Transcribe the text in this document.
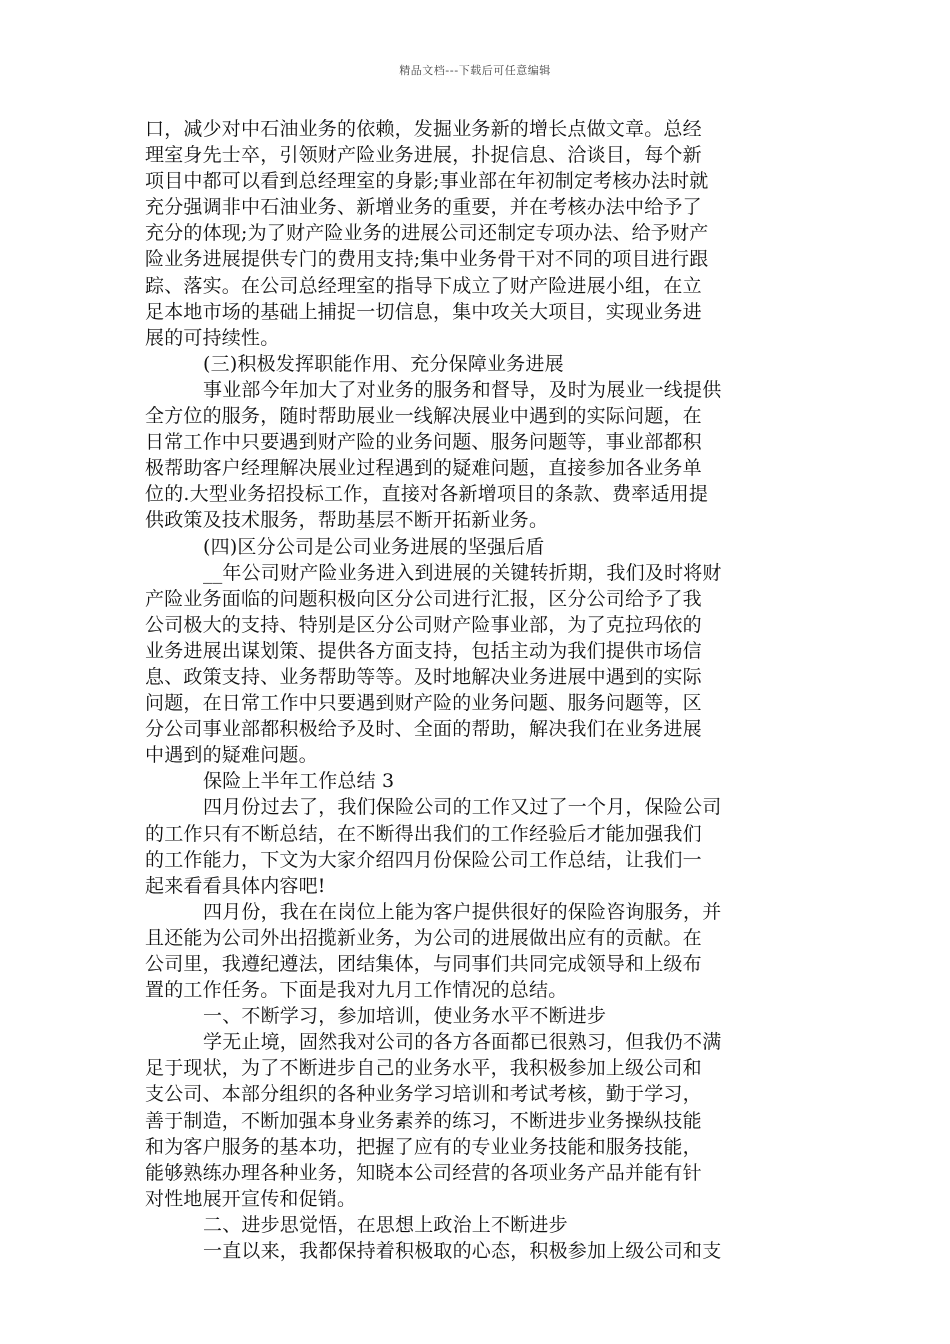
精品文档---下载后可任意编辑
口，减少对中石油业务的依赖，发掘业务新的增长点做文章。总经
理室身先士卒，引领财产险业务进展，扑捉信息、洽谈目，每个新
项目中都可以看到总经理室的身影;事业部在年初制定考核办法时就
充分强调非中石油业务、新增业务的重要，并在考核办法中给予了
充分的体现;为了财产险业务的进展公司还制定专项办法、给予财产
险业务进展提供专门的费用支持;集中业务骨干对不同的项目进行跟
踪、落实。在公司总经理室的指导下成立了财产险进展小组，在立
足本地市场的基础上捕捉一切信息，集中攻关大项目，实现业务进
展的可持续性。
(三)积极发挥职能作用、充分保障业务进展
事业部今年加大了对业务的服务和督导，及时为展业一线提供
全方位的服务，随时帮助展业一线解决展业中遇到的实际问题，在
日常工作中只要遇到财产险的业务问题、服务问题等，事业部都积
极帮助客户经理解决展业过程遇到的疑难问题，直接参加各业务单
位的.大型业务招投标工作，直接对各新增项目的条款、费率适用提
供政策及技术服务，帮助基层不断开拓新业务。
(四)区分公司是公司业务进展的坚强后盾
__年公司财产险业务进入到进展的关键转折期，我们及时将财
产险业务面临的问题积极向区分公司进行汇报，区分公司给予了我
公司极大的支持、特别是区分公司财产险事业部，为了克拉玛依的
业务进展出谋划策、提供各方面支持，包括主动为我们提供市场信
息、政策支持、业务帮助等等。及时地解决业务进展中遇到的实际
问题，在日常工作中只要遇到财产险的业务问题、服务问题等，区
分公司事业部都积极给予及时、全面的帮助，解决我们在业务进展
中遇到的疑难问题。
保险上半年工作总结 3
四月份过去了，我们保险公司的工作又过了一个月，保险公司
的工作只有不断总结，在不断得出我们的工作经验后才能加强我们
的工作能力，下文为大家介绍四月份保险公司工作总结，让我们一
起来看看具体内容吧!
四月份，我在在岗位上能为客户提供很好的保险咨询服务，并
且还能为公司外出招揽新业务，为公司的进展做出应有的贡献。在
公司里，我遵纪遵法，团结集体，与同事们共同完成领导和上级布
置的工作任务。下面是我对九月工作情况的总结。
一、不断学习，参加培训，使业务水平不断进步
学无止境，固然我对公司的各方各面都已很熟习，但我仍不满
足于现状，为了不断进步自己的业务水平，我积极参加上级公司和
支公司、本部分组织的各种业务学习培训和考试考核，勤于学习，
善于制造，不断加强本身业务素养的练习，不断进步业务操纵技能
和为客户服务的基本功，把握了应有的专业业务技能和服务技能，
能够熟练办理各种业务，知晓本公司经营的各项业务产品并能有针
对性地展开宣传和促销。
二、进步思觉悟，在思想上政治上不断进步
一直以来，我都保持着积极取的心态，积极参加上级公司和支
